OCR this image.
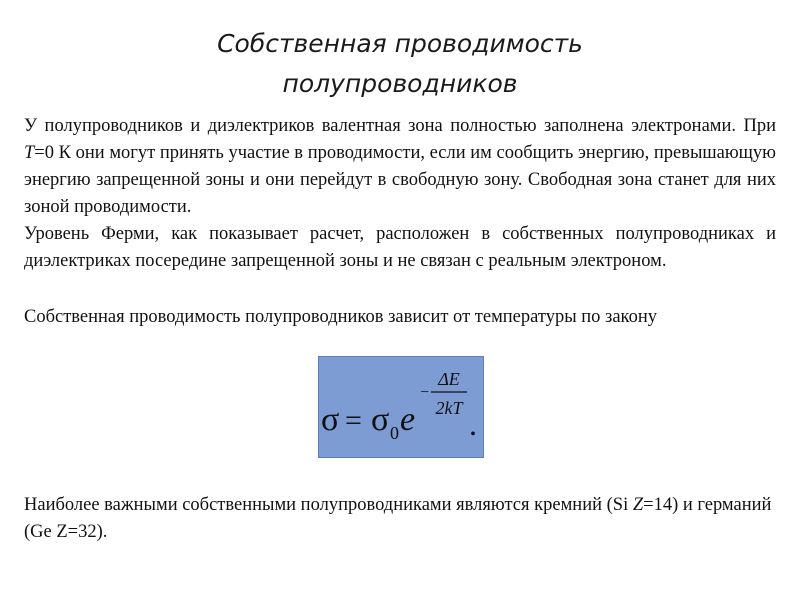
Собственная проводимость
полупроводников

У полупроводников и диэлектриков валентная зона полностью заполнена электронами. При T=0 К они могут принять участие в проводимости, если им сообщить энергию, превышающую энергию запрещенной зоны и они перейдут в свободную зону. Свободная зона станет для них зоной проводимости.

Уровень Ферми, как показывает расчет, расположен в собственных полупроводниках и диэлектриках посередине запрещенной зоны и не связан с реальным электроном.

Собственная проводимость полупроводников зависит от температуры по закону

σ = σ 0 e
−
ΔE
2kT .

Наиболее важными собственными полупроводниками являются кремний (Si Z=14) и германий (Ge Z=32).
